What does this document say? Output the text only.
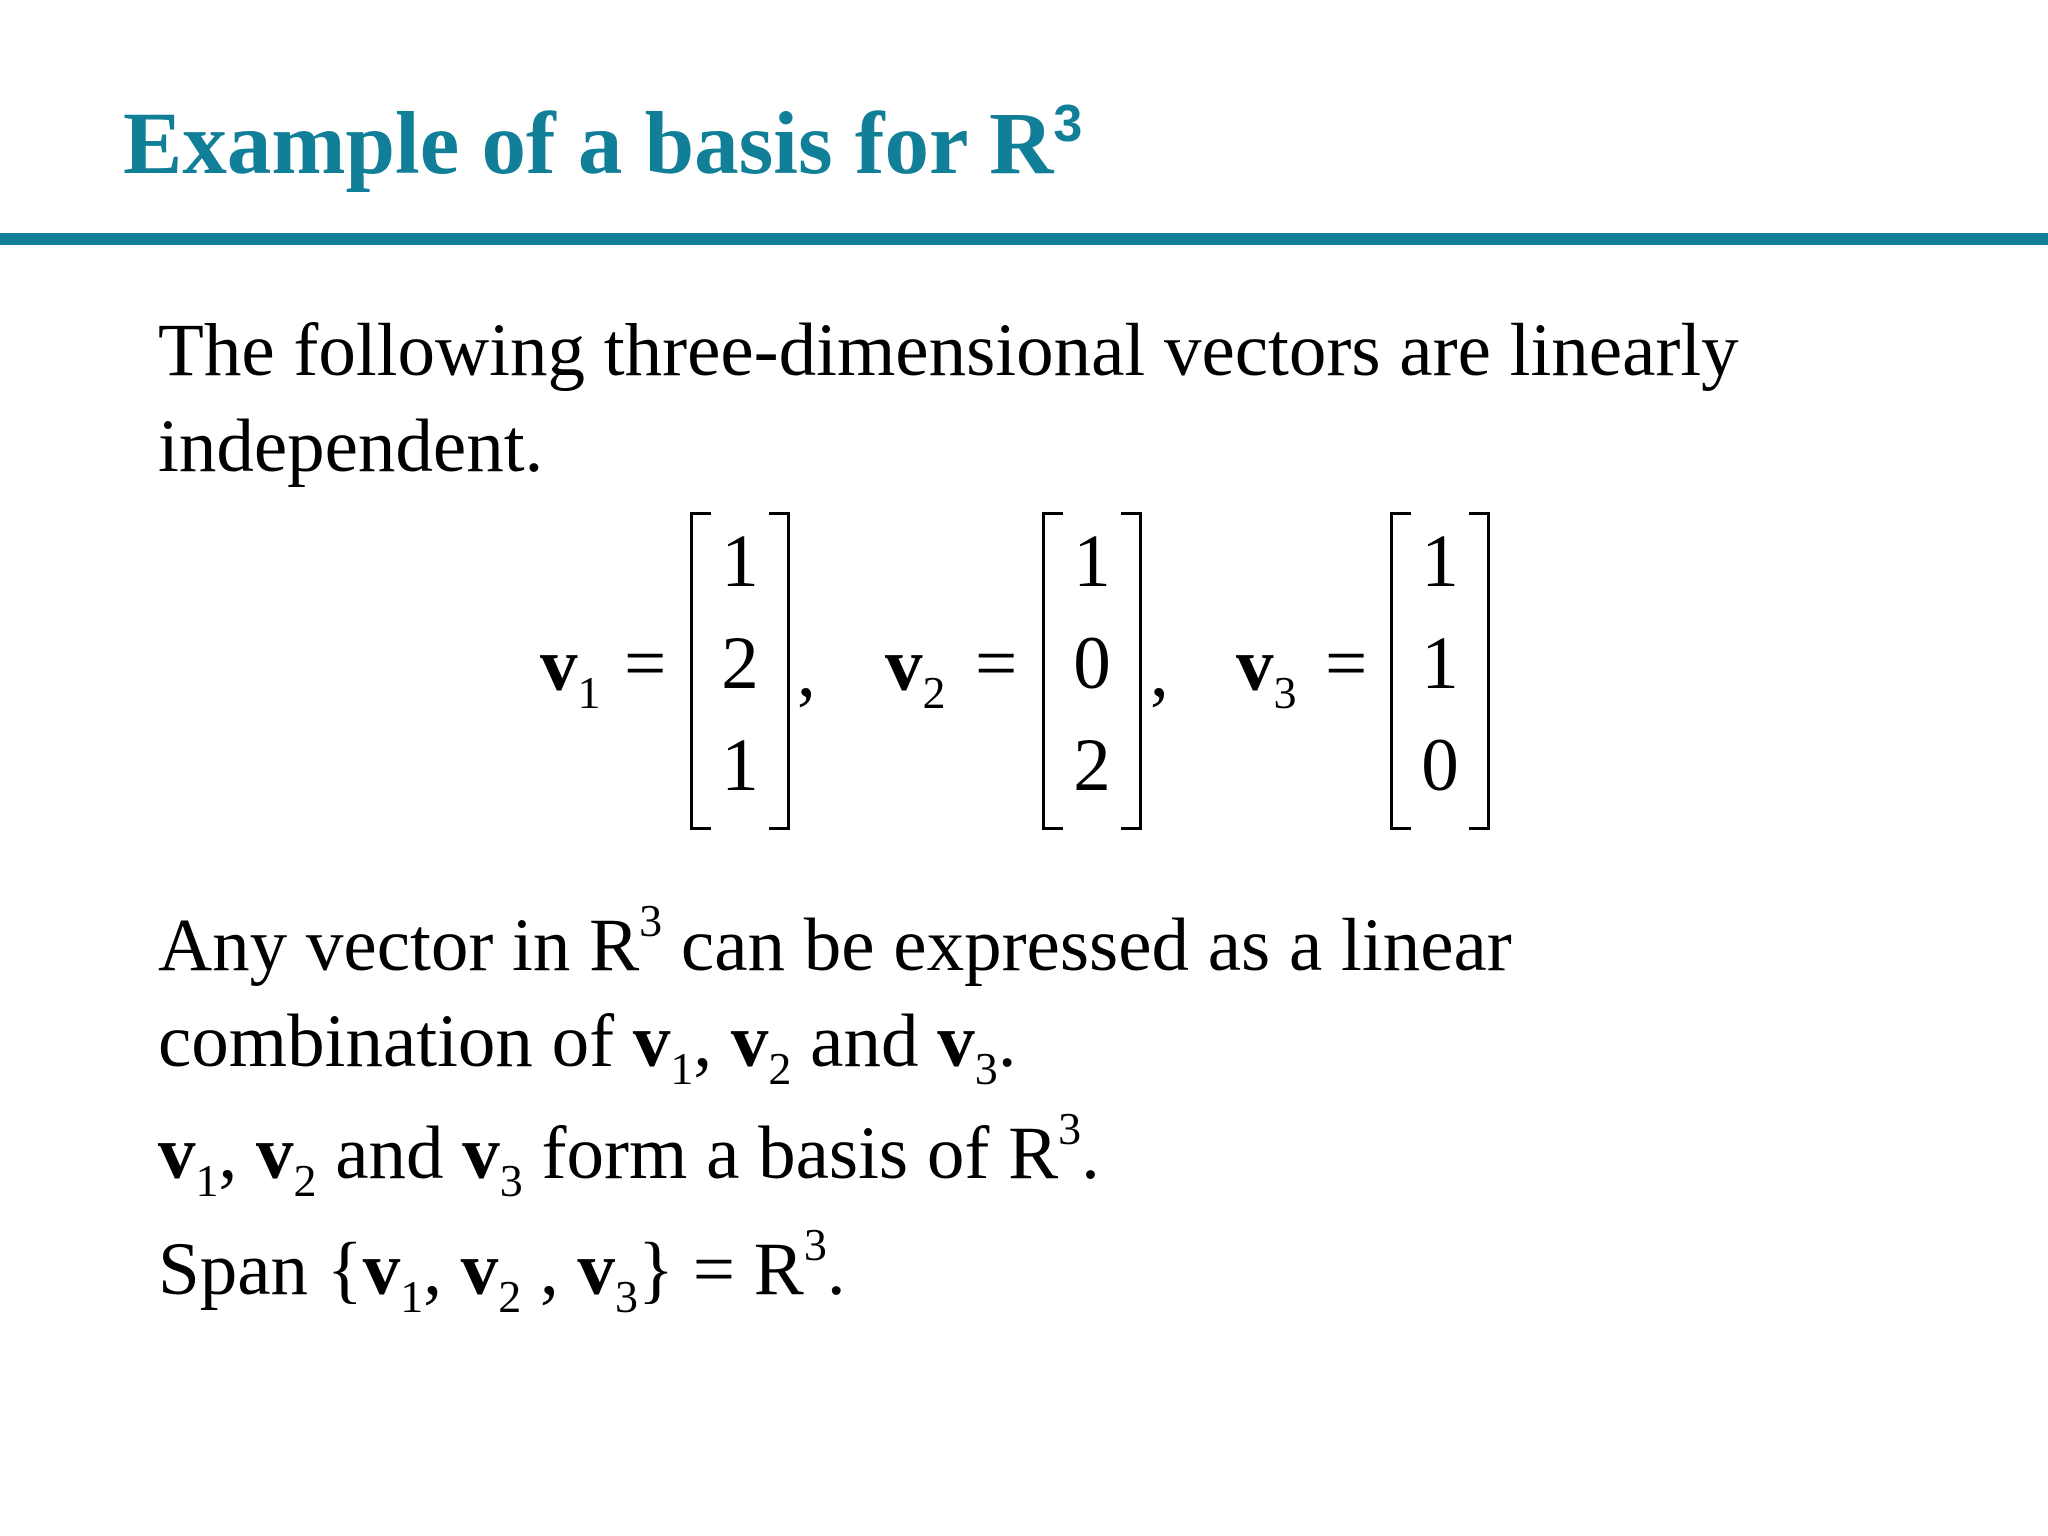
Example of a basis for $R^3$
The following three-dimensional vectors are linearly
independent.
$v_1$ =
1
2
1
, $v_2$ =
1
0
2
, $v_3$ =
1
1
0
Any vector in $R^3$ can be expressed as a linear
combination of $v_1$, $v_2$ and $v_3$.
$v_1$, $v_2$ and $v_3$ form a basis of $R^3$.
Span {$v_1$, $v_2$ , $v_3\} = R^3$.
